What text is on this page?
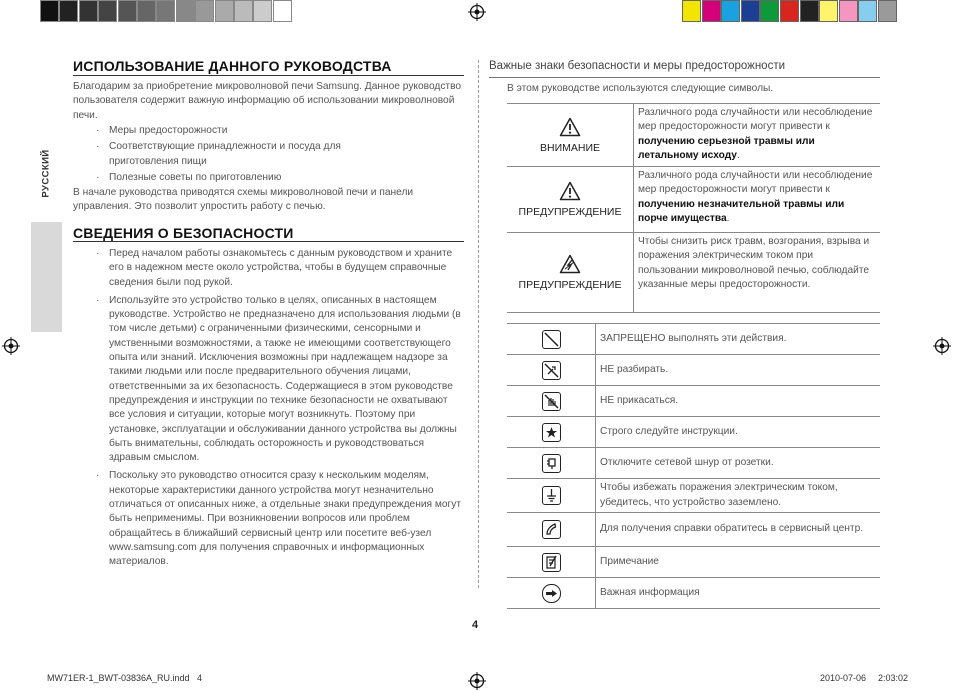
РУССКИЙ
ИСПОЛЬЗОВАНИЕ ДАННОГО РУКОВОДСТВА
Благодарим за приобретение микроволновой печи Samsung. Данное руководство пользователя содержит важную информацию об использовании микроволновой печи.
· Меры предосторожности
· Соответствующие принадлежности и посуда для приготовления пищи
· Полезные советы по приготовлению
В начале руководства приводятся схемы микроволновой печи и панели управления. Это позволит упростить работу с печью.
СВЕДЕНИЯ О БЕЗОПАСНОСТИ
· Перед началом работы ознакомьтесь с данным руководством и храните его в надежном месте около устройства, чтобы в будущем справочные сведения были под рукой.
· Используйте это устройство только в целях, описанных в настоящем руководстве. Устройство не предназначено для использования людьми (в том числе детьми) с ограниченными физическими, сенсорными и умственными возможностями, а также не имеющими соответствующего опыта или знаний. Исключения возможны при надлежащем надзоре за такими людьми или после предварительного обучения лицами, ответственными за их безопасность. Содержащиеся в этом руководстве предупреждения и инструкции по технике безопасности не охватывают все условия и ситуации, которые могут возникнуть. Поэтому при установке, эксплуатации и обслуживании данного устройства вы должны быть внимательны, соблюдать осторожность и руководствоваться здравым смыслом.
· Поскольку это руководство относится сразу к нескольким моделям, некоторые характеристики данного устройства могут незначительно отличаться от описанных ниже, а отдельные знаки предупреждения могут быть неприменимы. При возникновении вопросов или проблем обращайтесь в ближайший сервисный центр или посетите веб-узел www.samsung.com для получения справочных и информационных материалов.
Важные знаки безопасности и меры предосторожности
В этом руководстве используются следующие символы.
ВНИМАНИЕ	Различного рода случайности или несоблюдение мер предосторожности могут привести к получению серьезной травмы или летальному исходу.

ПРЕДУПРЕЖДЕНИЕ	Различного рода случайности или несоблюдение мер предосторожности могут привести к получению незначительной травмы или порче имущества.

ПРЕДУПРЕЖДЕНИЕ	Чтобы снизить риск травм, возгорания, взрыва и поражения электрическим током при пользовании микроволновой печью, соблюдайте указанные меры предосторожности.
	ЗАПРЕЩЕНО выполнять эти действия.

	НЕ разбирать.

	НЕ прикасаться.

	Строго следуйте инструкции.

	Отключите сетевой шнур от розетки.

	Чтобы избежать поражения электрическим током, убедитесь, что устройство заземлено.

	Для получения справки обратитесь в сервисный центр.

	Примечание

	Важная информация
4
MW71ER-1_BWT-03836A_RU.indd   4	2010-07-06 2:03:02
